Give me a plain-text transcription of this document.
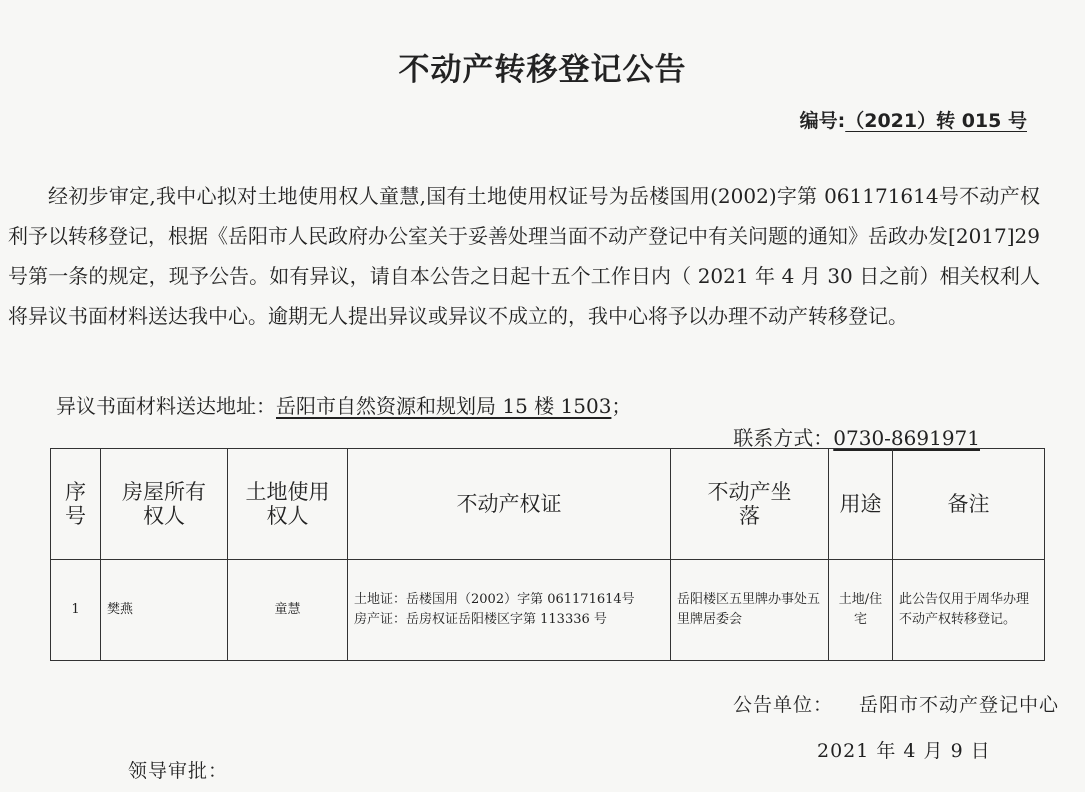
不动产转移登记公告
编号:（2021）转 015 号

经初步审定,我中心拟对土地使用权人童慧,国有土地使用权证号为岳楼国用(2002)字第 061171614号不动产权利予以转移登记，根据《岳阳市人民政府办公室关于妥善处理当面不动产登记中有关问题的通知》岳政办发[2017]29 号第一条的规定，现予公告。如有异议，请自本公告之日起十五个工作日内（ 2021 年 4 月 30 日之前）相关权利人将异议书面材料送达我中心。逾期无人提出异议或异议不成立的，我中心将予以办理不动产转移登记。

异议书面材料送达地址：岳阳市自然资源和规划局 15 楼 1503；
联系方式：0730-8691971
序号	房屋所有权人	土地使用权人	不动产权证	不动产坐落	用途	备注
1	樊燕	童慧	土地证：岳楼国用（2002）字第 061171614号
房产证：岳房权证岳阳楼区字第 113336 号	岳阳楼区五里牌办事处五里牌居委会	土地/住宅	此公告仅用于周华办理不动产权转移登记。
公告单位： 岳阳市不动产登记中心
2021 年 4 月 9 日
领导审批：
